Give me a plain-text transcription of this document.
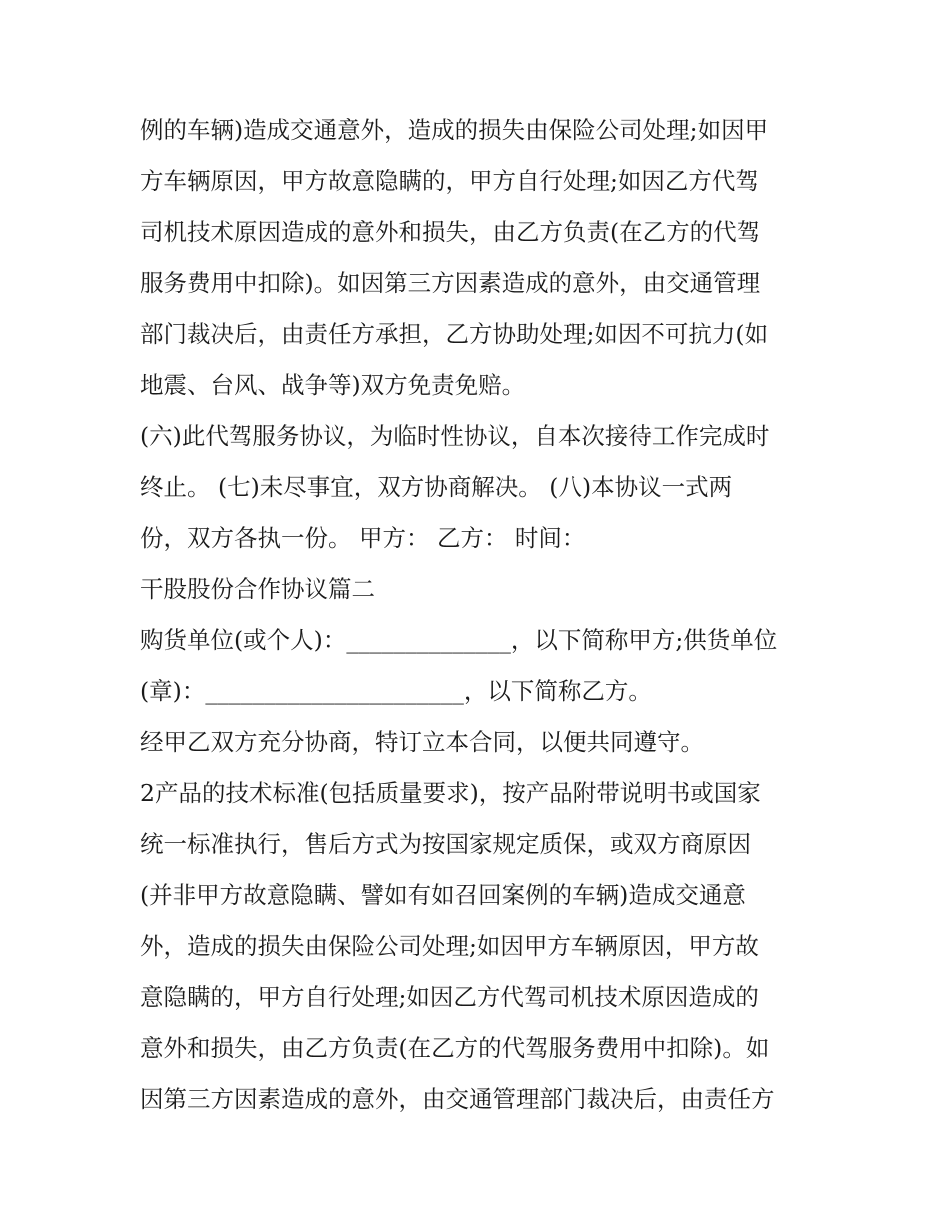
例的车辆)造成交通意外，造成的损失由保险公司处理;如因甲
方车辆原因，甲方故意隐瞒的，甲方自行处理;如因乙方代驾
司机技术原因造成的意外和损失，由乙方负责(在乙方的代驾
服务费用中扣除)。如因第三方因素造成的意外，由交通管理
部门裁决后，由责任方承担，乙方协助处理;如因不可抗力(如
地震、台风、战争等)双方免责免赔。
(六)此代驾服务协议，为临时性协议，自本次接待工作完成时
终止。 (七)未尽事宜，双方协商解决。 (八)本协议一式两
份，双方各执一份。 甲方： 乙方： 时间：
干股股份合作协议篇二
购货单位(或个人)：______________，以下简称甲方;供货单位
(章)：______________________，以下简称乙方。
经甲乙双方充分协商，特订立本合同，以便共同遵守。
2产品的技术标准(包括质量要求)，按产品附带说明书或国家
统一标准执行，售后方式为按国家规定质保，或双方商原因
(并非甲方故意隐瞒、譬如有如召回案例的车辆)造成交通意
外，造成的损失由保险公司处理;如因甲方车辆原因，甲方故
意隐瞒的，甲方自行处理;如因乙方代驾司机技术原因造成的
意外和损失，由乙方负责(在乙方的代驾服务费用中扣除)。如
因第三方因素造成的意外，由交通管理部门裁决后，由责任方
